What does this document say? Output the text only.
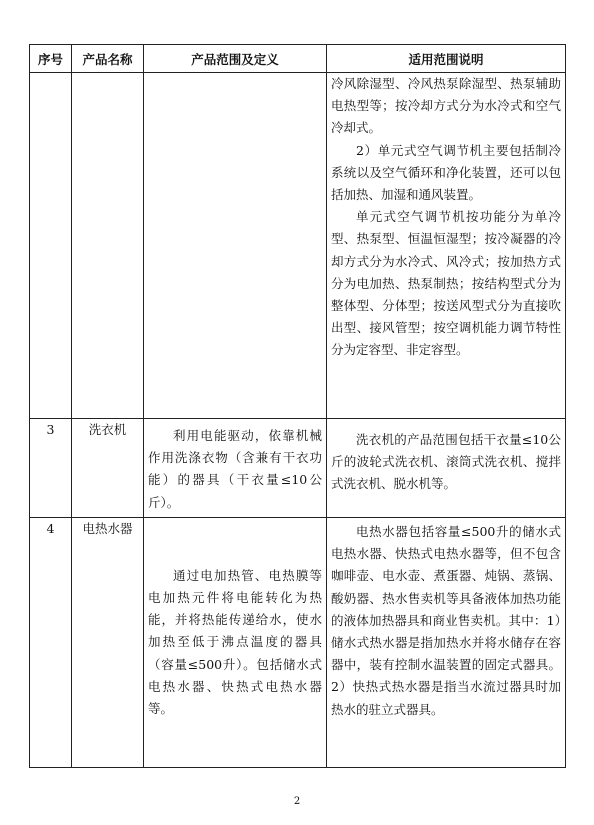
序号	产品名称	产品范围及定义	适用范围说明

			冷风除湿型、冷风热泵除湿型、热泵辅助电热型等；按冷却方式分为水冷式和空气冷却式。

2）单元式空气调节机主要包括制冷系统以及空气循环和净化装置，还可以包括加热、加湿和通风装置。

单元式空气调节机按功能分为单冷型、热泵型、恒温恒湿型；按冷凝器的冷却方式分为水冷式、风冷式；按加热方式分为电加热、热泵制热；按结构型式分为整体型、分体型；按送风型式分为直接吹出型、接风管型；按空调机能力调节特性分为定容型、非定容型。

3	洗衣机	利用电能驱动，依靠机械作用洗涤衣物（含兼有干衣功能）的器具（干衣量≤10公斤）。	洗衣机的产品范围包括干衣量≤10公斤的波轮式洗衣机、滚筒式洗衣机、搅拌式洗衣机、脱水机等。

4	电热水器	通过电加热管、电热膜等电加热元件将电能转化为热能，并将热能传递给水，使水加热至低于沸点温度的器具（容量≤500升）。包括储水式电热水器、快热式电热水器等。	电热水器包括容量≤500升的储水式电热水器、快热式电热水器等，但不包含咖啡壶、电水壶、煮蛋器、炖锅、蒸锅、酸奶器、热水售卖机等具备液体加热功能的液体加热器具和商业售卖机。其中：1）储水式热水器是指加热水并将水储存在容器中，装有控制水温装置的固定式器具。2）快热式热水器是指当水流过器具时加热水的驻立式器具。

2
